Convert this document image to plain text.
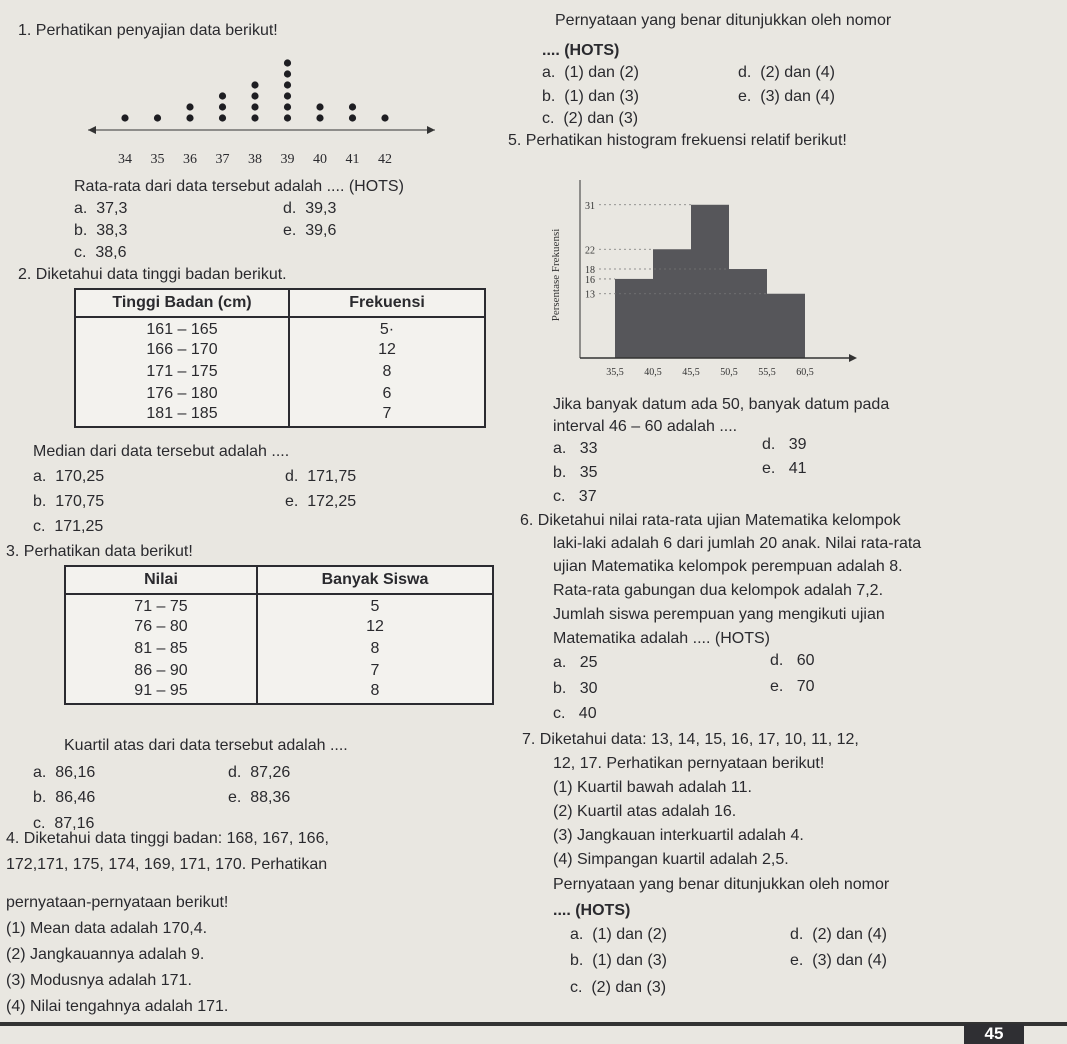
1. Perhatikan penyajian data berikut!
34 35 36 37 38 39 40 41 42
Rata-rata dari data tersebut adalah .... (HOTS)
a. 37,3
b. 38,3
c. 38,6
d. 39,3
e. 39,6
2. Diketahui data tinggi badan berikut.
Tinggi Badan (cm)	Frekuensi
161 – 165	5·
166 – 170	12
171 – 175	8
176 – 180	6
181 – 185	7
Median dari data tersebut adalah ....
a. 170,25
b. 170,75
c. 171,25
d. 171,75
e. 172,25
3. Perhatikan data berikut!
Nilai	Banyak Siswa
71 – 75	5
76 – 80	12
81 – 85	8
86 – 90	7
91 – 95	8
Kuartil atas dari data tersebut adalah ....
a. 86,16
b. 86,46
c. 87,16
d. 87,26
e. 88,36
4. Diketahui data tinggi badan: 168, 167, 166,
172,171, 175, 174, 169, 171, 170. Perhatikan
pernyataan-pernyataan berikut!
(1) Mean data adalah 170,4.
(2) Jangkauannya adalah 9.
(3) Modusnya adalah 171.
(4) Nilai tengahnya adalah 171.
Pernyataan yang benar ditunjukkan oleh nomor
.... (HOTS)
a. (1) dan (2)
b. (1) dan (3)
c. (2) dan (3)
d. (2) dan (4)
e. (3) dan (4)
5. Perhatikan histogram frekuensi relatif berikut!
Persentase Frekuensi
31
22
18
16
13
35,5 40,5 45,5 50,5 55,5 60,5
Jika banyak datum ada 50, banyak datum pada
interval 46 – 60 adalah ....
a. 33
b. 35
c. 37
d. 39
e. 41
6. Diketahui nilai rata-rata ujian Matematika kelompok
laki-laki adalah 6 dari jumlah 20 anak. Nilai rata-rata
ujian Matematika kelompok perempuan adalah 8.
Rata-rata gabungan dua kelompok adalah 7,2.
Jumlah siswa perempuan yang mengikuti ujian
Matematika adalah .... (HOTS)
a. 25
b. 30
c. 40
d. 60
e. 70
7. Diketahui data: 13, 14, 15, 16, 17, 10, 11, 12,
12, 17. Perhatikan pernyataan berikut!
(1) Kuartil bawah adalah 11.
(2) Kuartil atas adalah 16.
(3) Jangkauan interkuartil adalah 4.
(4) Simpangan kuartil adalah 2,5.
Pernyataan yang benar ditunjukkan oleh nomor
.... (HOTS)
a. (1) dan (2)
b. (1) dan (3)
c. (2) dan (3)
d. (2) dan (4)
e. (3) dan (4)
45
